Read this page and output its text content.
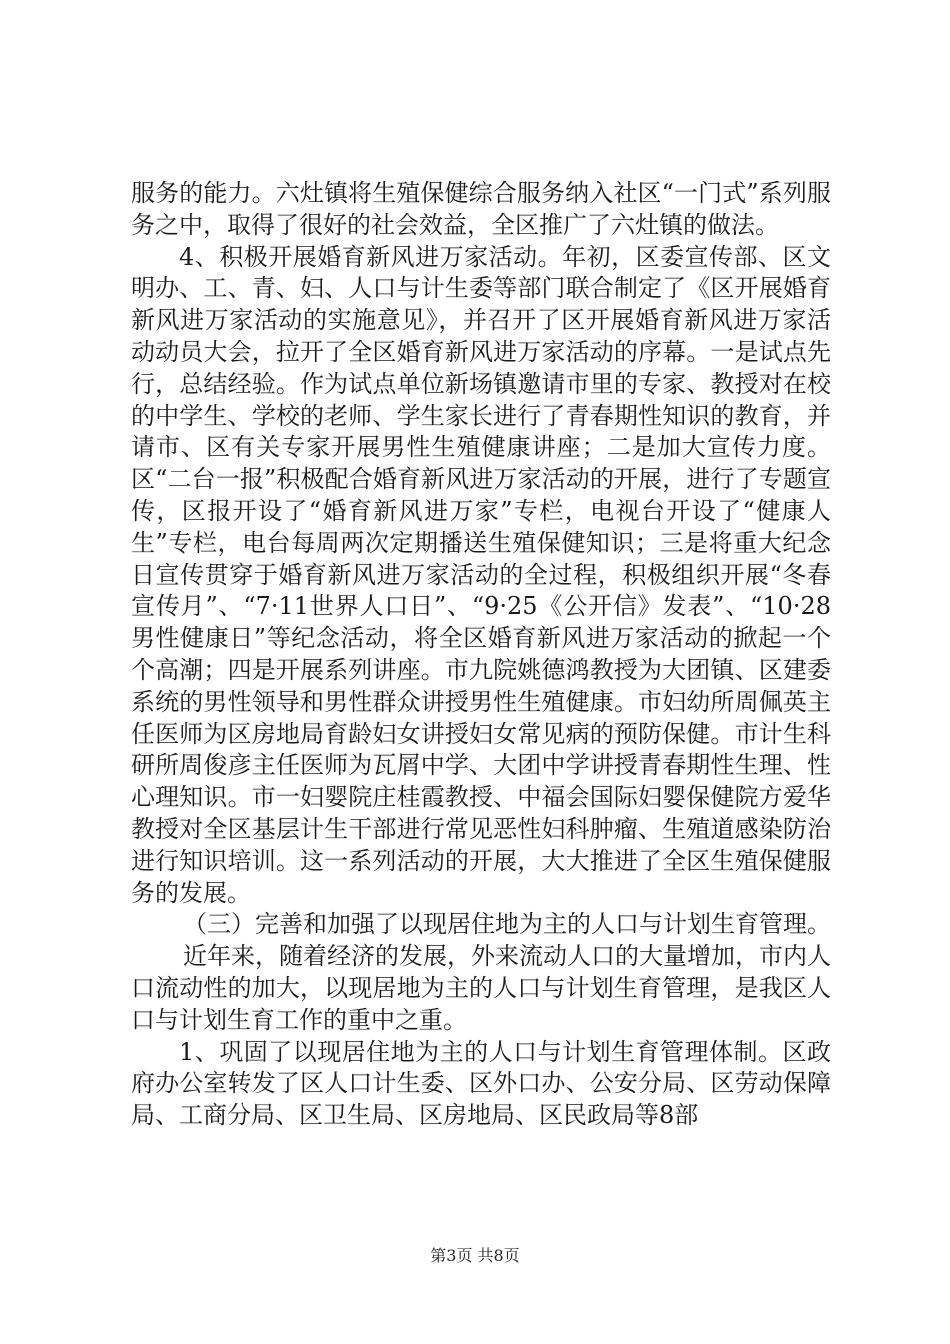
服务的能力。六灶镇将生殖保健综合服务纳入社区“一门式”系列服务之中，取得了很好的社会效益，全区推广了六灶镇的做法。

4、积极开展婚育新风进万家活动。年初，区委宣传部、区文明办、工、青、妇、人口与计生委等部门联合制定了《区开展婚育新风进万家活动的实施意见》，并召开了区开展婚育新风进万家活动动员大会，拉开了全区婚育新风进万家活动的序幕。一是试点先行，总结经验。作为试点单位新场镇邀请市里的专家、教授对在校的中学生、学校的老师、学生家长进行了青春期性知识的教育，并请市、区有关专家开展男性生殖健康讲座；二是加大宣传力度。区“二台一报”积极配合婚育新风进万家活动的开展，进行了专题宣传，区报开设了“婚育新风进万家”专栏，电视台开设了“健康人生”专栏，电台每周两次定期播送生殖保健知识；三是将重大纪念日宣传贯穿于婚育新风进万家活动的全过程，积极组织开展“冬春宣传月”、“7·11世界人口日”、“9·25《公开信》发表”、“10·28男性健康日”等纪念活动，将全区婚育新风进万家活动的掀起一个个高潮；四是开展系列讲座。市九院姚德鸿教授为大团镇、区建委系统的男性领导和男性群众讲授男性生殖健康。市妇幼所周佩英主任医师为区房地局育龄妇女讲授妇女常见病的预防保健。市计生科研所周俊彦主任医师为瓦屑中学、大团中学讲授青春期性生理、性心理知识。市一妇婴院庄桂霞教授、中福会国际妇婴保健院方爱华教授对全区基层计生干部进行常见恶性妇科肿瘤、生殖道感染防治进行知识培训。这一系列活动的开展，大大推进了全区生殖保健服务的发展。

（三）完善和加强了以现居住地为主的人口与计划生育管理。

近年来，随着经济的发展，外来流动人口的大量增加，市内人口流动性的加大，以现居地为主的人口与计划生育管理，是我区人口与计划生育工作的重中之重。

1、巩固了以现居住地为主的人口与计划生育管理体制。区政府办公室转发了区人口计生委、区外口办、公安分局、区劳动保障局、工商分局、区卫生局、区房地局、区民政局等8部

第3页 共8页
